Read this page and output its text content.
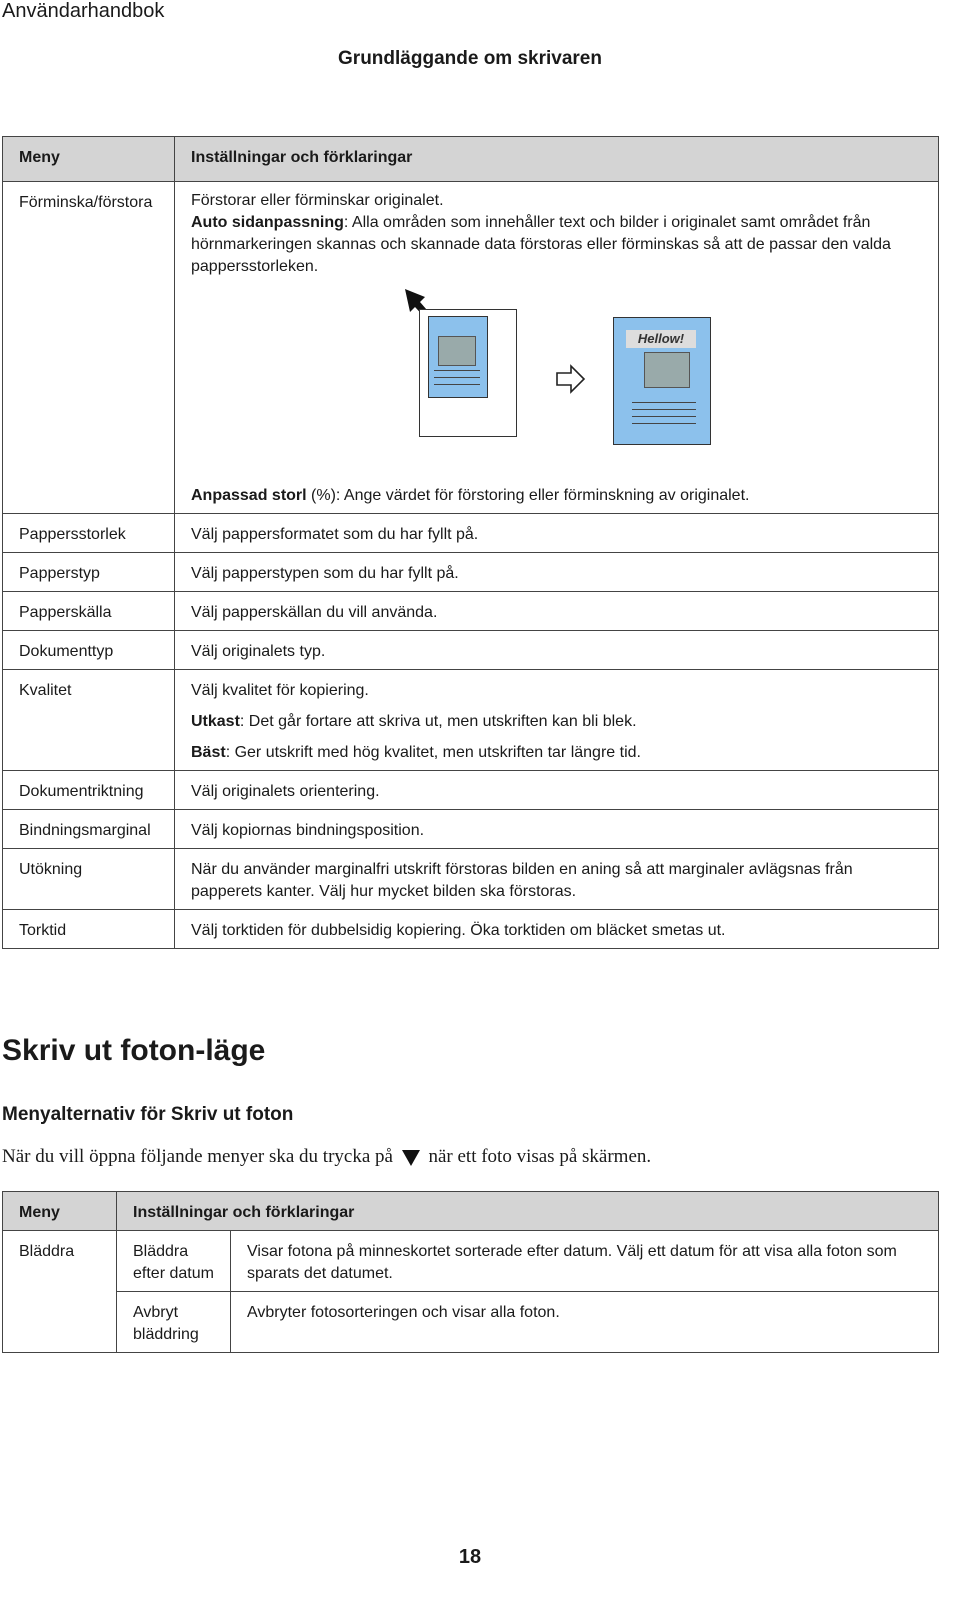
Användarhandbok
Grundläggande om skrivaren
Meny	Inställningar och förklaringar
Förminska/förstora	Förstorar eller förminskar originalet.
Auto sidanpassning: Alla områden som innehåller text och bilder i originalet samt området från hörnmarkeringen skannas och skannade data förstoras eller förminskas så att de passar den valda pappersstorleken.
Hellow!
Anpassad storl (%): Ange värdet för förstoring eller förminskning av originalet.

Pappersstorlek	Välj pappersformatet som du har fyllt på.
Papperstyp	Välj papperstypen som du har fyllt på.
Papperskälla	Välj papperskällan du vill använda.
Dokumenttyp	Välj originalets typ.
Kvalitet	Välj kvalitet för kopiering.
Utkast: Det går fortare att skriva ut, men utskriften kan bli blek.
Bäst: Ger utskrift med hög kvalitet, men utskriften tar längre tid.

Dokumentriktning	Välj originalets orientering.
Bindningsmarginal	Välj kopiornas bindningsposition.
Utökning	När du använder marginalfri utskrift förstoras bilden en aning så att marginaler avlägsnas från papperets kanter. Välj hur mycket bilden ska förstoras.
Torktid	Välj torktiden för dubbelsidig kopiering. Öka torktiden om bläcket smetas ut.
Skriv ut foton-läge
Menyalternativ för Skriv ut foton
När du vill öppna följande menyer ska du trycka på när ett foto visas på skärmen.
Meny	Inställningar och förklaringar	
Bläddra	Bläddra efter datum	Visar fotona på minneskortet sorterade efter datum. Välj ett datum för att visa alla foton som sparats det datumet.
	Avbryt bläddring	Avbryter fotosorteringen och visar alla foton.
18
